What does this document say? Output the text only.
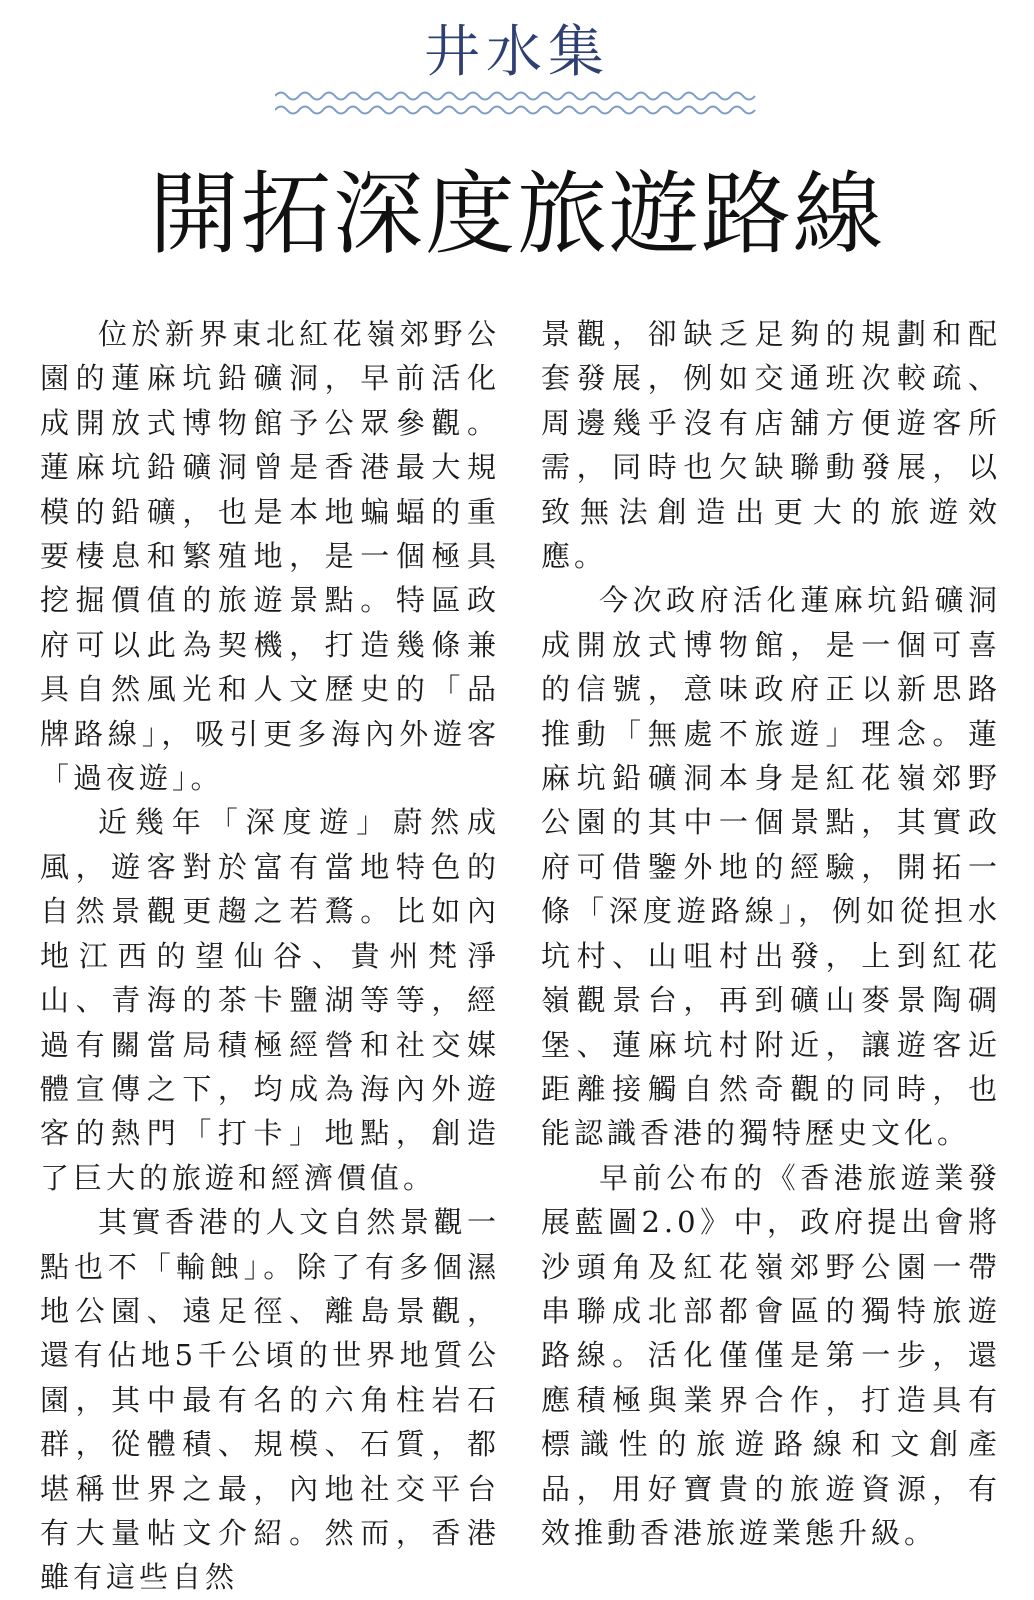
井水集
開拓深度旅遊路線

位於新界東北紅花嶺郊野公園的蓮麻坑鉛礦洞，早前活化成開放式博物館予公眾參觀。蓮麻坑鉛礦洞曾是香港最大規模的鉛礦，也是本地蝙蝠的重要棲息和繁殖地，是一個極具挖掘價值的旅遊景點。特區政府可以此為契機，打造幾條兼具自然風光和人文歷史的「品牌路線」，吸引更多海內外遊客「過夜遊」。

近幾年「深度遊」蔚然成風，遊客對於富有當地特色的自然景觀更趨之若鶩。比如內地江西的望仙谷、貴州梵淨山、青海的茶卡鹽湖等等，經過有關當局積極經營和社交媒體宣傳之下，均成為海內外遊客的熱門「打卡」地點，創造了巨大的旅遊和經濟價值。

其實香港的人文自然景觀一點也不「輸蝕」。除了有多個濕地公園、遠足徑、離島景觀，還有佔地5千公頃的世界地質公園，其中最有名的六角柱岩石群，從體積、規模、石質，都堪稱世界之最，內地社交平台有大量帖文介紹。然而，香港雖有這些自然

景觀，卻缺乏足夠的規劃和配套發展，例如交通班次較疏、周邊幾乎沒有店舖方便遊客所需，同時也欠缺聯動發展，以致無法創造出更大的旅遊效應。

今次政府活化蓮麻坑鉛礦洞成開放式博物館，是一個可喜的信號，意味政府正以新思路推動「無處不旅遊」理念。蓮麻坑鉛礦洞本身是紅花嶺郊野公園的其中一個景點，其實政府可借鑒外地的經驗，開拓一條「深度遊路線」，例如從担水坑村、山咀村出發，上到紅花嶺觀景台，再到礦山麥景陶碉堡、蓮麻坑村附近，讓遊客近距離接觸自然奇觀的同時，也能認識香港的獨特歷史文化。

早前公布的《香港旅遊業發展藍圖2.0》中，政府提出會將沙頭角及紅花嶺郊野公園一帶串聯成北部都會區的獨特旅遊路線。活化僅僅是第一步，還應積極與業界合作，打造具有標識性的旅遊路線和文創產品，用好寶貴的旅遊資源，有效推動香港旅遊業態升級。
